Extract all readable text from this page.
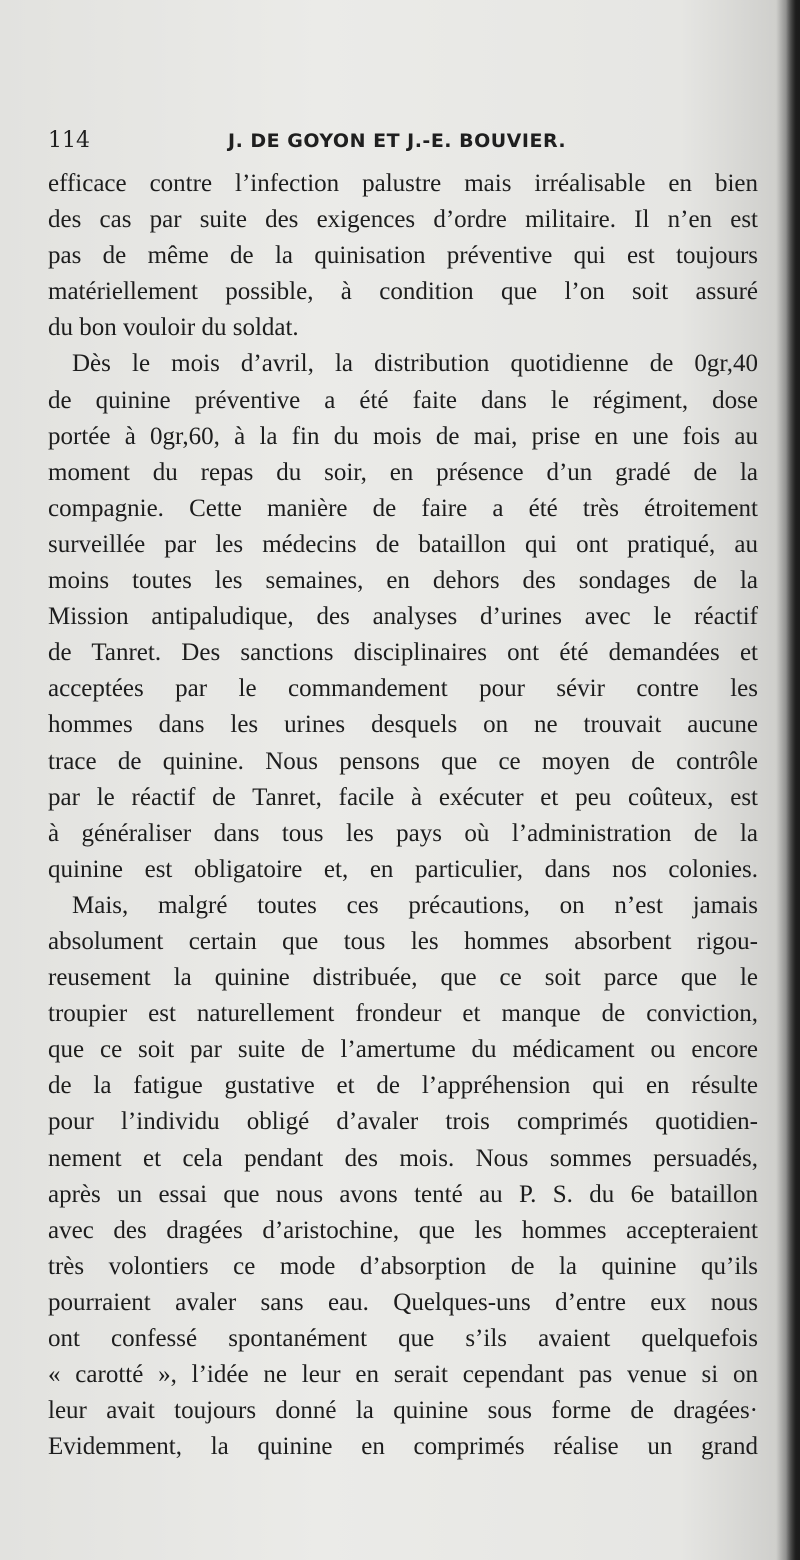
114	J. DE GOYON ET J.-E. BOUVIER.
efficace contre l’infection palustre mais irréalisable en bien
des cas par suite des exigences d’ordre militaire. Il n’en est
pas de même de la quinisation préventive qui est toujours
matériellement possible, à condition que l’on soit assuré
du bon vouloir du soldat.
Dès le mois d’avril, la distribution quotidienne de 0gr,40
de quinine préventive a été faite dans le régiment, dose
portée à 0gr,60, à la fin du mois de mai, prise en une fois au
moment du repas du soir, en présence d’un gradé de la
compagnie. Cette manière de faire a été très étroitement
surveillée par les médecins de bataillon qui ont pratiqué, au
moins toutes les semaines, en dehors des sondages de la
Mission antipaludique, des analyses d’urines avec le réactif
de Tanret. Des sanctions disciplinaires ont été demandées et
acceptées par le commandement pour sévir contre les
hommes dans les urines desquels on ne trouvait aucune
trace de quinine. Nous pensons que ce moyen de contrôle
par le réactif de Tanret, facile à exécuter et peu coûteux, est
à généraliser dans tous les pays où l’administration de la
quinine est obligatoire et, en particulier, dans nos colonies.
Mais, malgré toutes ces précautions, on n’est jamais
absolument certain que tous les hommes absorbent rigou-
reusement la quinine distribuée, que ce soit parce que le
troupier est naturellement frondeur et manque de conviction,
que ce soit par suite de l’amertume du médicament ou encore
de la fatigue gustative et de l’appréhension qui en résulte
pour l’individu obligé d’avaler trois comprimés quotidien-
nement et cela pendant des mois. Nous sommes persuadés,
après un essai que nous avons tenté au P. S. du 6e bataillon
avec des dragées d’aristochine, que les hommes accepteraient
très volontiers ce mode d’absorption de la quinine qu’ils
pourraient avaler sans eau. Quelques-uns d’entre eux nous
ont confessé spontanément que s’ils avaient quelquefois
« carotté », l’idée ne leur en serait cependant pas venue si on
leur avait toujours donné la quinine sous forme de dragées·
Evidemment, la quinine en comprimés réalise un grand
